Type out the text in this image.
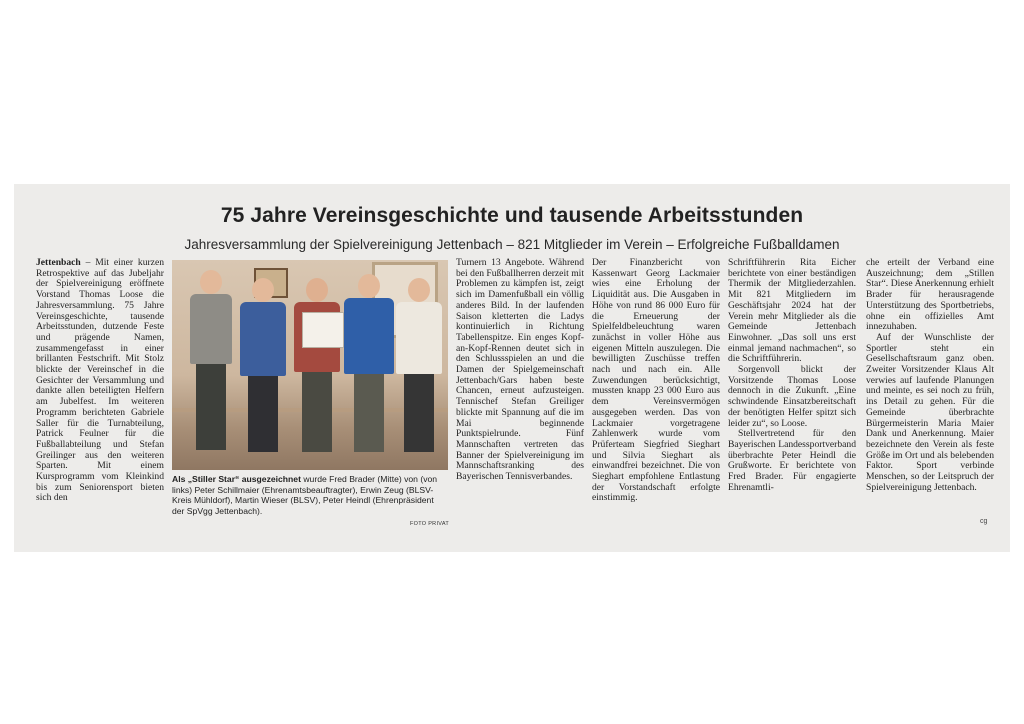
75 Jahre Vereinsgeschichte und tausende Arbeitsstunden
Jahresversammlung der Spielvereinigung Jettenbach – 821 Mitglieder im Verein – Erfolgreiche Fußballdamen

Jettenbach – Mit einer kurzen Retrospektive auf das Jubeljahr der Spielvereinigung eröffnete Vorstand Thomas Loose die Jahresversammlung. 75 Jahre Vereinsgeschichte, tausende Arbeitsstunden, dutzende Feste und prägende Namen, zusammengefasst in einer brillanten Festschrift. Mit Stolz blickte der Vereinschef in die Gesichter der Versammlung und dankte allen beteiligten Helfern am Jubelfest. Im weiteren Programm berichteten Gabriele Saller für die Turnabteilung, Patrick Feulner für die Fußballabteilung und Stefan Greilinger aus den weiteren Sparten. Mit einem Kursprogramm vom Kleinkind bis zum Seniorensport bieten sich den

Als „Stiller Star“ ausgezeichnet wurde Fred Brader (Mitte) von (von links) Peter Schillmaier (Ehrenamtsbeauftragter), Erwin Zeug (BLSV-Kreis Mühldorf), Martin Wieser (BLSV), Peter Heindl (Ehrenpräsident der SpVgg Jettenbach).
FOTO PRIVAT

Turnern 13 Angebote. Während bei den Fußballherren derzeit mit Problemen zu kämpfen ist, zeigt sich im Damenfußball ein völlig anderes Bild. In der laufenden Saison kletterten die Ladys kontinuierlich in Richtung Tabellenspitze. Ein enges Kopf-an-Kopf-Rennen deutet sich in den Schlussspielen an und die Damen der Spielgemeinschaft Jettenbach/Gars haben beste Chancen, erneut aufzusteigen. Tennischef Stefan Greiliger blickte mit Spannung auf die im Mai beginnende Punktspielrunde. Fünf Mannschaften vertreten das Banner der Spielvereinigung im Mannschaftsranking des Bayerischen Tennisverbandes.

Der Finanzbericht von Kassenwart Georg Lackmaier wies eine Erholung der Liquidität aus. Die Ausgaben in Höhe von rund 86 000 Euro für die Erneuerung der Spielfeldbeleuchtung waren zunächst in voller Höhe aus eigenen Mitteln auszulegen. Die bewilligten Zuschüsse treffen nach und nach ein. Alle Zuwendungen berücksichtigt, mussten knapp 23 000 Euro aus dem Vereinsvermögen ausgegeben werden. Das von Lackmaier vorgetragene Zahlenwerk wurde vom Prüferteam Siegfried Sieghart und Silvia Sieghart als einwandfrei bezeichnet. Die von Sieghart empfohlene Entlastung der Vorstandschaft erfolgte einstimmig.

Schriftführerin Rita Eicher berichtete von einer beständigen Thermik der Mitgliederzahlen. Mit 821 Mitgliedern im Geschäftsjahr 2024 hat der Verein mehr Mitglieder als die Gemeinde Jettenbach Einwohner. „Das soll uns erst einmal jemand nachmachen“, so die Schriftführerin.

Sorgenvoll blickt der Vorsitzende Thomas Loose dennoch in die Zukunft. „Eine schwindende Einsatzbereitschaft der benötigten Helfer spitzt sich leider zu“, so Loose.

Stellvertretend für den Bayerischen Landessportverband überbrachte Peter Heindl die Grußworte. Er berichtete von Fred Brader. Für engagierte Ehrenamtli-

che erteilt der Verband eine Auszeichnung; dem „Stillen Star“. Diese Anerkennung erhielt Brader für herausragende Unterstützung des Sportbetriebs, ohne ein offizielles Amt innezuhaben.

Auf der Wunschliste der Sportler steht ein Gesellschaftsraum ganz oben. Zweiter Vorsitzender Klaus Alt verwies auf laufende Planungen und meinte, es sei noch zu früh, ins Detail zu gehen. Für die Gemeinde überbrachte Bürgermeisterin Maria Maier Dank und Anerkennung. Maier bezeichnete den Verein als feste Größe im Ort und als belebenden Faktor. Sport verbinde Menschen, so der Leitspruch der Spielvereinigung Jettenbach.

cg
